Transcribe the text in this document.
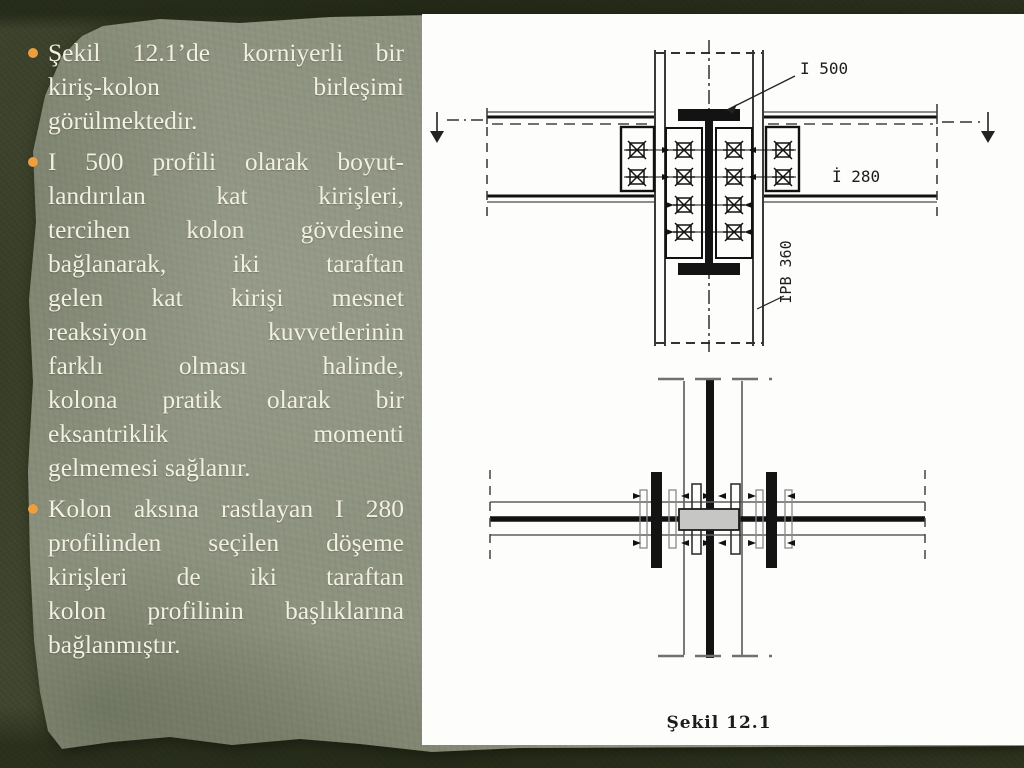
Şekil 12.1’de korniyerli bir
kiriş-kolon birleşimi
görülmektedir.
I 500 profili olarak boyut-
landırılan kat kirişleri,
tercihen kolon gövdesine
bağlanarak, iki taraftan
gelen kat kirişi mesnet
reaksiyon kuvvetlerinin
farklı olması halinde,
kolona pratik olarak bir
eksantriklik momenti
gelmemesi sağlanır.
Kolon aksına rastlayan I 280
profilinden seçilen döşeme
kirişleri de iki taraftan
kolon profilinin başlıklarına
bağlanmıştır.
I 500
İ 280
IPB 360
Şekil 12.1
